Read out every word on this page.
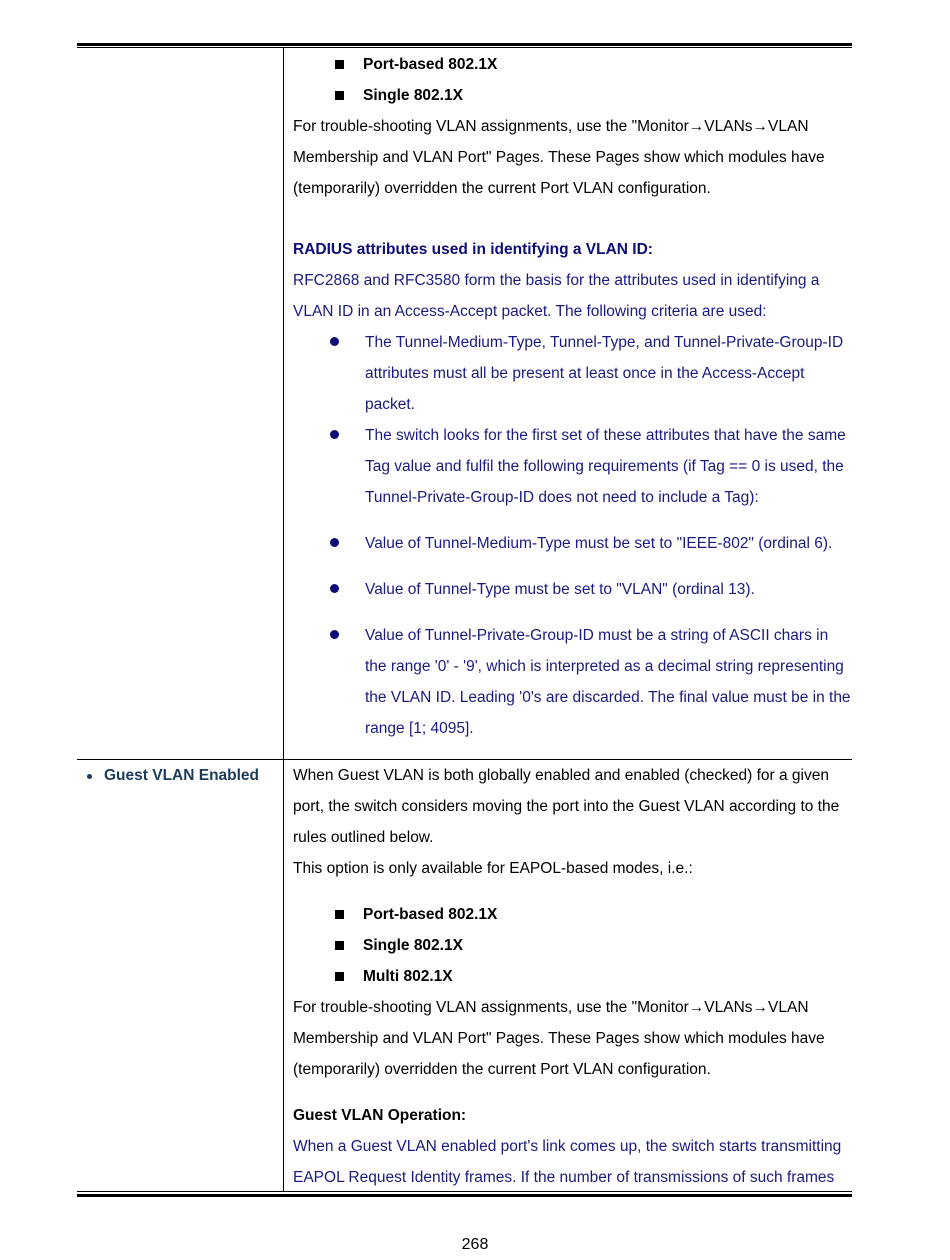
Port-based 802.1X
Single 802.1X
For trouble-shooting VLAN assignments, use the "Monitor→VLANs→VLAN
Membership and VLAN Port" Pages. These Pages show which modules have
(temporarily) overridden the current Port VLAN configuration.
RADIUS attributes used in identifying a VLAN ID:
RFC2868 and RFC3580 form the basis for the attributes used in identifying a
VLAN ID in an Access-Accept packet. The following criteria are used:
The Tunnel-Medium-Type, Tunnel-Type, and Tunnel-Private-Group-ID
attributes must all be present at least once in the Access-Accept
packet.
The switch looks for the first set of these attributes that have the same
Tag value and fulfil the following requirements (if Tag == 0 is used, the
Tunnel-Private-Group-ID does not need to include a Tag):
Value of Tunnel-Medium-Type must be set to "IEEE-802" (ordinal 6).
Value of Tunnel-Type must be set to "VLAN" (ordinal 13).
Value of Tunnel-Private-Group-ID must be a string of ASCII chars in
the range '0' - '9', which is interpreted as a decimal string representing
the VLAN ID. Leading '0's are discarded. The final value must be in the
range [1; 4095].
Guest VLAN Enabled When Guest VLAN is both globally enabled and enabled (checked) for a given
port, the switch considers moving the port into the Guest VLAN according to the
rules outlined below.
This option is only available for EAPOL-based modes, i.e.:
Port-based 802.1X
Single 802.1X
Multi 802.1X
For trouble-shooting VLAN assignments, use the "Monitor→VLANs→VLAN
Membership and VLAN Port" Pages. These Pages show which modules have
(temporarily) overridden the current Port VLAN configuration.
Guest VLAN Operation:
When a Guest VLAN enabled port's link comes up, the switch starts transmitting
EAPOL Request Identity frames. If the number of transmissions of such frames
268
